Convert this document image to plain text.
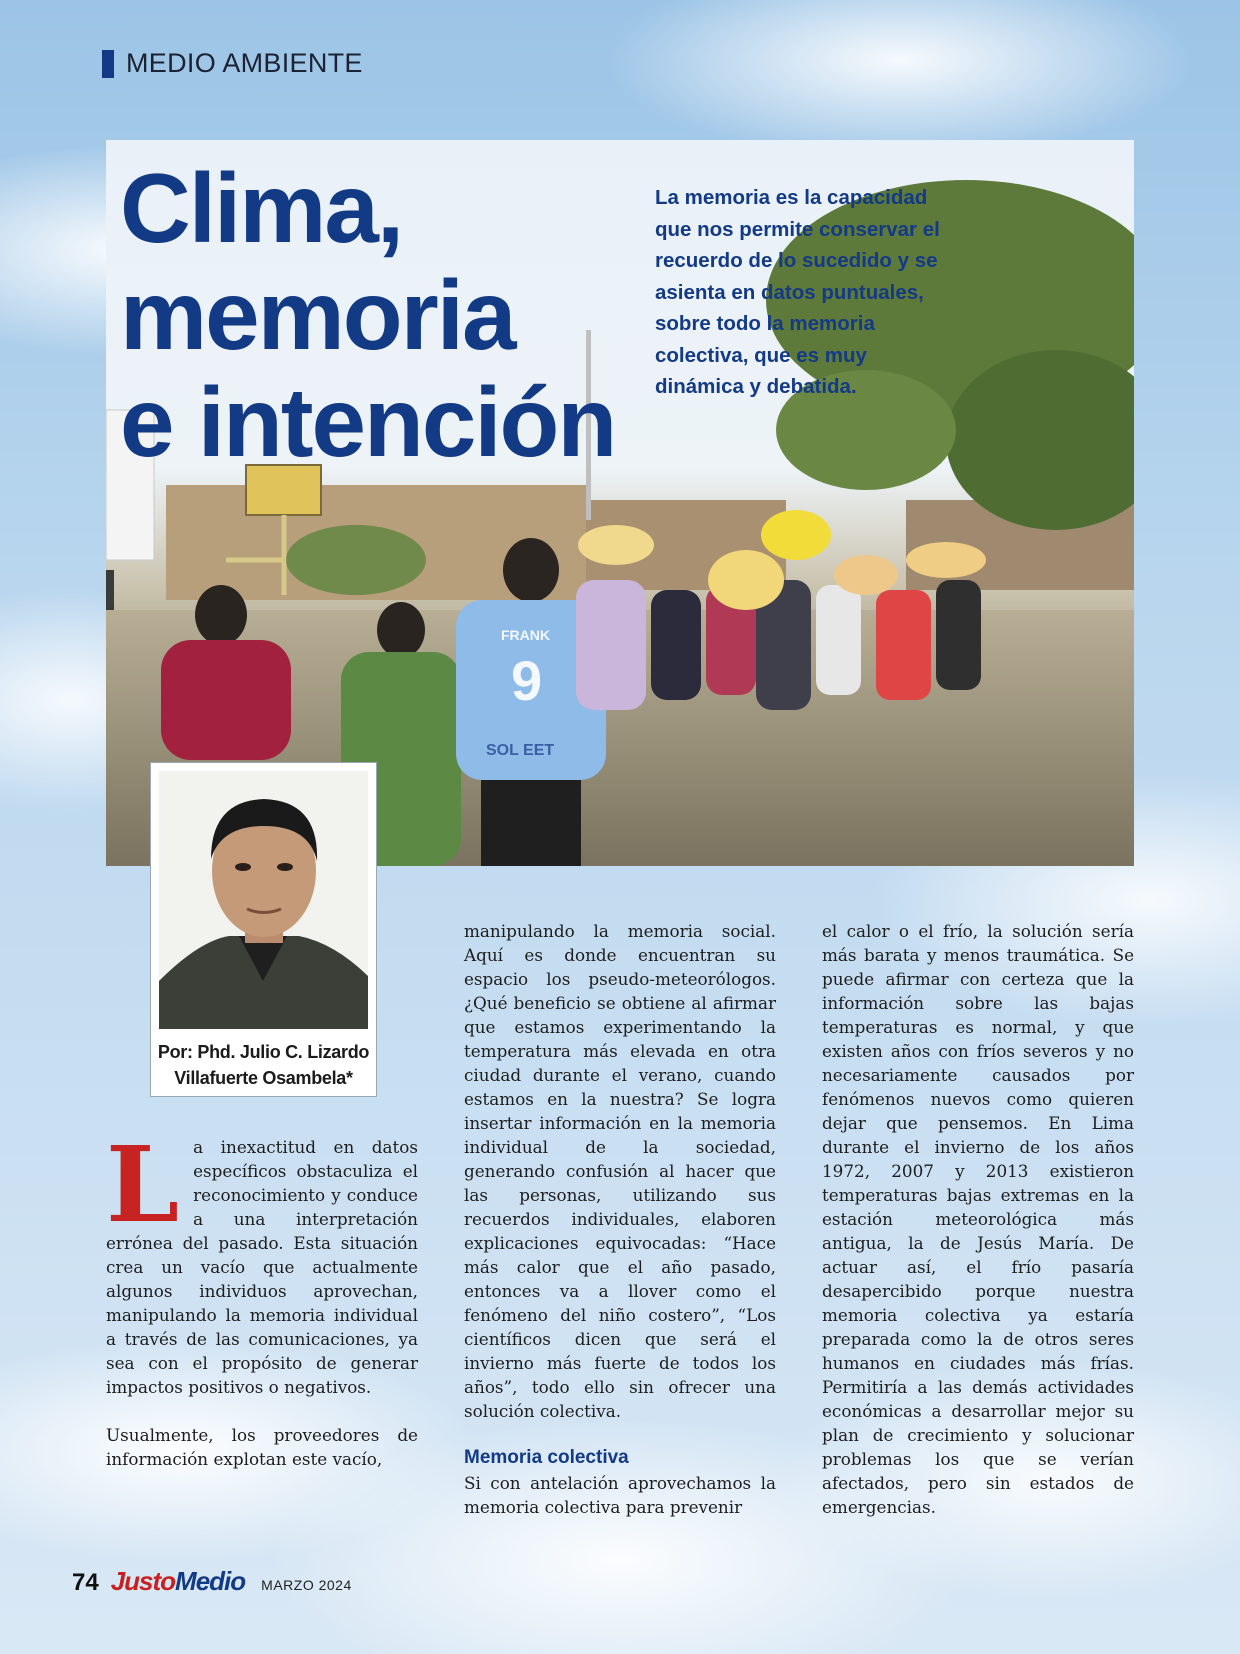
MEDIO AMBIENTE
FRANK
9
SOL EET
Clima,
memoria
e intención
La memoria es la capacidad que nos permite conservar el recuerdo de lo sucedido y se asienta en datos puntuales, sobre todo la memoria colectiva, que es muy dinámica y debatida.
Por: Phd. Julio C. Lizardo
Villafuerte Osambela*
L a inexactitud en datos específicos obstaculiza el reconocimiento y conduce a una interpretación errónea del pasado. Esta situación crea un vacío que actualmente algunos individuos aprovechan, manipulando la memoria individual a través de las comunicaciones, ya sea con el propósito de generar impactos positivos o negativos.

Usualmente, los proveedores de información explotan este vacío,

manipulando la memoria social. Aquí es donde encuentran su espacio los pseudo-meteorólogos. ¿Qué beneficio se obtiene al afirmar que estamos experimentando la temperatura más elevada en otra ciudad durante el verano, cuando estamos en la nuestra? Se logra insertar información en la memoria individual de la sociedad, generando confusión al hacer que las personas, utilizando sus recuerdos individuales, elaboren explicaciones equivocadas: “Hace más calor que el año pasado, entonces va a llover como el fenómeno del niño costero”, “Los científicos dicen que será el invierno más fuerte de todos los años”, todo ello sin ofrecer una solución colectiva.

Memoria colectiva

Si con antelación aprovechamos la memoria colectiva para prevenir

el calor o el frío, la solución sería más barata y menos traumática. Se puede afirmar con certeza que la información sobre las bajas temperaturas es normal, y que existen años con fríos severos y no necesariamente causados por fenómenos nuevos como quieren dejar que pensemos. En Lima durante el invierno de los años 1972, 2007 y 2013 existieron temperaturas bajas extremas en la estación meteorológica más antigua, la de Jesús María. De actuar así, el frío pasaría desapercibido porque nuestra memoria colectiva ya estaría preparada como la de otros seres humanos en ciudades más frías. Permitiría a las demás actividades económicas a desarrollar mejor su plan de crecimiento y solucionar problemas los que se verían afectados, pero sin estados de emergencias.

74 JustoMedio MARZO 2024
